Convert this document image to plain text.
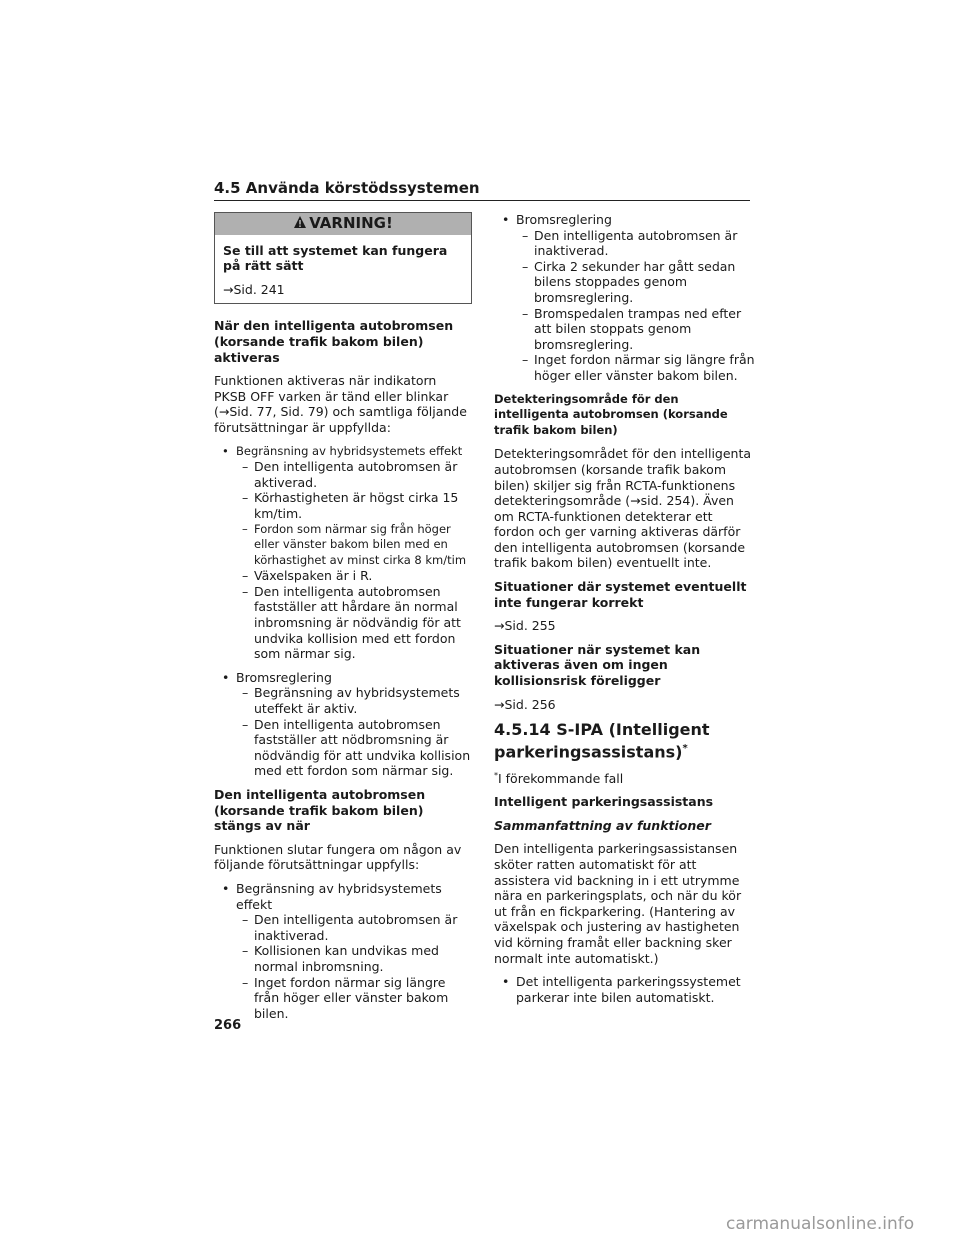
4.5 Använda körstödssystemen
VARNING!

Se till att systemet kan fungera på rätt sätt

→Sid. 241

När den intelligenta autobromsen (korsande trafik bakom bilen) aktiveras

Funktionen aktiveras när indikatorn PKSB OFF varken är tänd eller blinkar
(→Sid. 77, Sid. 79) och samtliga följande förutsättningar är uppfyllda:

• Begränsning av hybridsystemets effekt
– Den intelligenta autobromsen är aktiverad.
– Körhastigheten är högst cirka 15 km/tim.
– Fordon som närmar sig från höger eller vänster bakom bilen med en körhastighet av minst cirka 8 km/tim
– Växelspaken är i R.
– Den intelligenta autobromsen fastställer att hårdare än normal inbromsning är nödvändig för att undvika kollision med ett fordon som närmar sig.
• Bromsreglering
– Begränsning av hybridsystemets uteffekt är aktiv.
– Den intelligenta autobromsen fastställer att nödbromsning är nödvändig för att undvika kollision med ett fordon som närmar sig.

Den intelligenta autobromsen (korsande trafik bakom bilen) stängs av när

Funktionen slutar fungera om någon av följande förutsättningar uppfylls:

• Begränsning av hybridsystemets effekt
– Den intelligenta autobromsen är inaktiverad.
– Kollisionen kan undvikas med normal inbromsning.
– Inget fordon närmar sig längre från höger eller vänster bakom bilen.
• Bromsreglering
– Den intelligenta autobromsen är inaktiverad.
– Cirka 2 sekunder har gått sedan bilens stoppades genom bromsreglering.
– Bromspedalen trampas ned efter att bilen stoppats genom bromsreglering.
– Inget fordon närmar sig längre från höger eller vänster bakom bilen.

Detekteringsområde för den intelligenta autobromsen (korsande trafik bakom bilen)

Detekteringsområdet för den intelligenta autobromsen (korsande trafik bakom bilen) skiljer sig från RCTA-funktionens detekteringsområde (→sid. 254). Även om RCTA-funktionen detekterar ett fordon och ger varning aktiveras därför den intelligenta autobromsen (korsande trafik bakom bilen) eventuellt inte.

Situationer där systemet eventuellt inte fungerar korrekt

→Sid. 255

Situationer när systemet kan aktiveras även om ingen kollisionsrisk föreligger

→Sid. 256

4.5.14 S-IPA (Intelligent parkeringsassistans)*

*I förekommande fall

Intelligent parkeringsassistans

Sammanfattning av funktioner

Den intelligenta parkeringsassistansen sköter ratten automatiskt för att assistera vid backning in i ett utrymme nära en parkeringsplats, och när du kör ut från en fickparkering. (Hantering av växelspak och justering av hastigheten vid körning framåt eller backning sker normalt inte automatiskt.)

• Det intelligenta parkeringssystemet parkerar inte bilen automatiskt.
266
carmanualsonline.info
